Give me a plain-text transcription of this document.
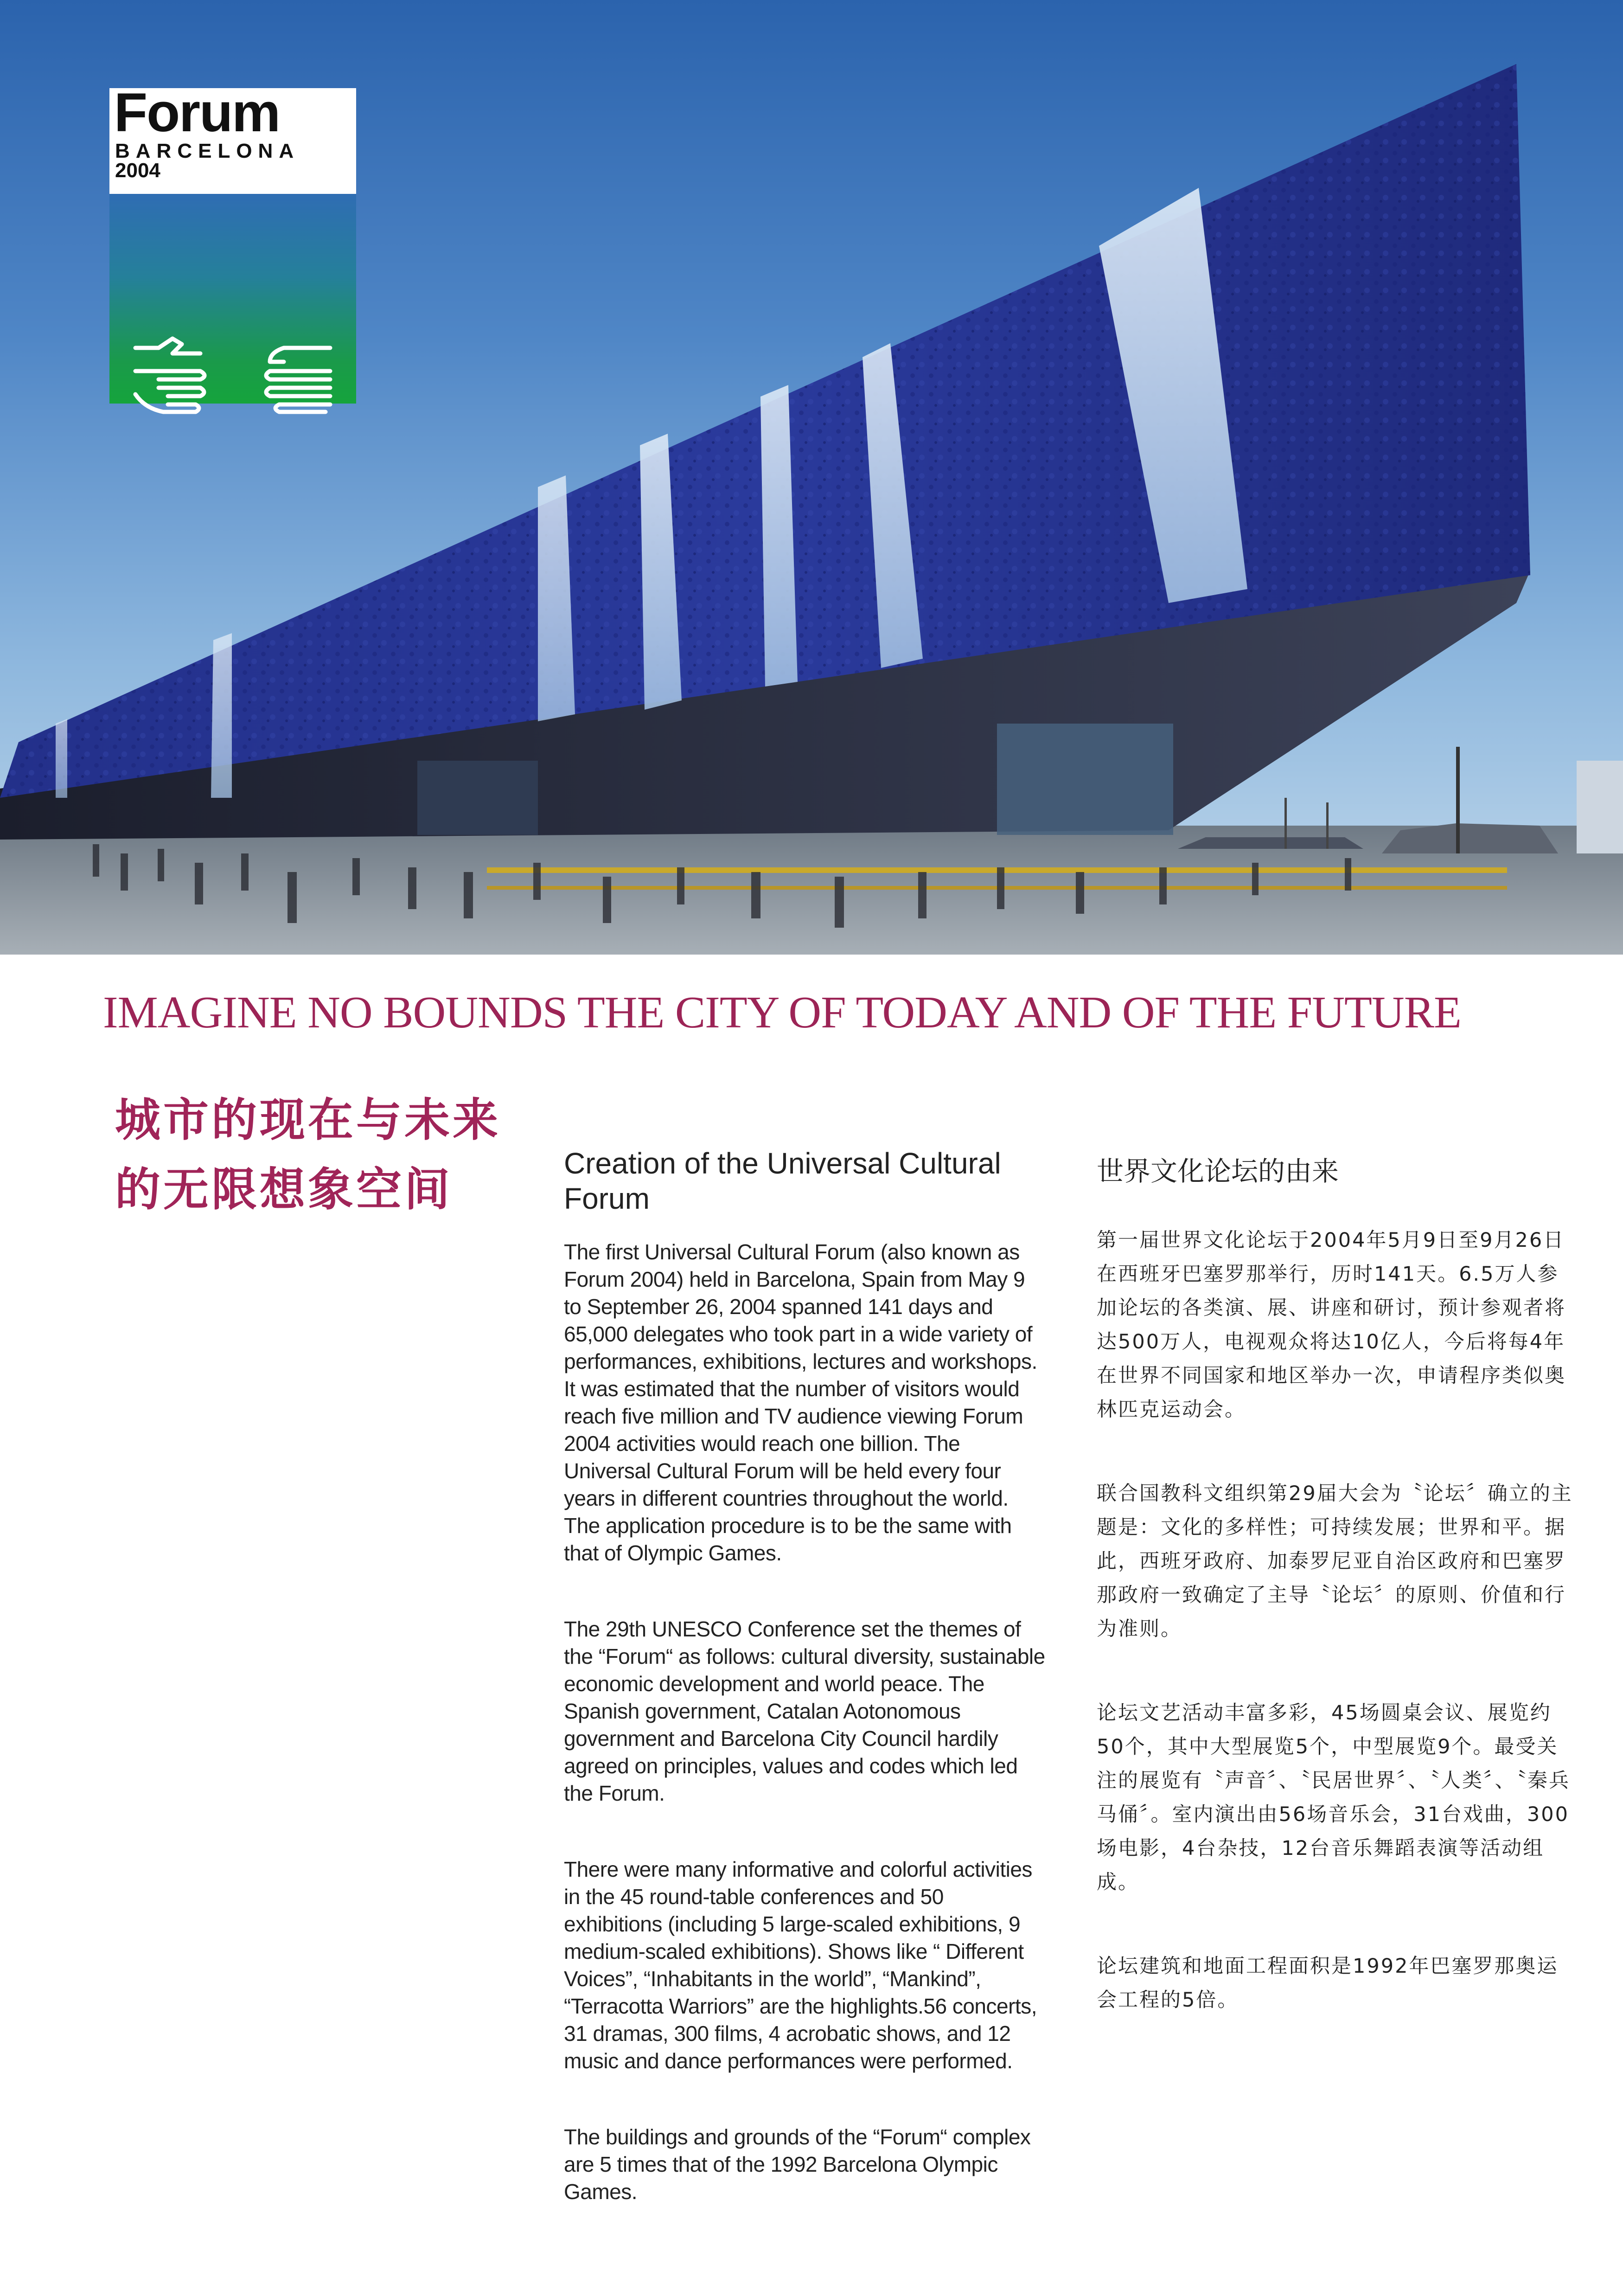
Forum
BARCELONA
2004
IMAGINE NO BOUNDS THE CITY OF TODAY AND OF THE FUTURE
城市的现在与未来
的无限想象空间	Creation of the Universal Cultural Forum

The first Universal Cultural Forum (also known as Forum 2004) held in Barcelona, Spain from May 9 to September 26, 2004 spanned 141 days and 65,000 delegates who took part in a wide variety of performances, exhibitions, lectures and workshops. It was estimated that the number of visitors would reach five million and TV audience viewing Forum 2004 activities would reach one billion. The Universal Cultural Forum will be held every four years in different countries throughout the world. The application procedure is to be the same with that of Olympic Games.

The 29th UNESCO Conference set the themes of the “Forum“ as follows: cultural diversity, sustainable economic development and world peace. The Spanish government, Catalan Aotonomous government and Barcelona City Council hardily agreed on principles, values and codes which led the Forum.

There were many informative and colorful activities in the 45 round-table conferences and 50 exhibitions (including 5 large-scaled exhibitions, 9 medium-scaled exhibitions). Shows like “ Different Voices”, “Inhabitants in the world”, “Mankind”, “Terracotta Warriors” are the highlights.56 concerts, 31 dramas, 300 films, 4 acrobatic shows, and 12 music and dance performances were performed.

The buildings and grounds of the “Forum“ complex are 5 times that of the 1992 Barcelona Olympic Games.

世界文化论坛的由来

第一届世界文化论坛于2004年5月9日至9月26日在西班牙巴塞罗那举行，历时141天。6.5万人参加论坛的各类演、展、讲座和研讨，预计参观者将达500万人，电视观众将达10亿人，今后将每4年在世界不同国家和地区举办一次，申请程序类似奥林匹克运动会。

联合国教科文组织第29届大会为〝论坛〞确立的主题是：文化的多样性；可持续发展；世界和平。据此，西班牙政府、加泰罗尼亚自治区政府和巴塞罗那政府一致确定了主导〝论坛〞的原则、价值和行为准则。

论坛文艺活动丰富多彩，45场圆桌会议、展览约50个，其中大型展览5个，中型展览9个。最受关注的展览有〝声音〞、〝民居世界〞、〝人类〞、〝秦兵马俑〞。室内演出由56场音乐会，31台戏曲，300场电影，4台杂技，12台音乐舞蹈表演等活动组成。

论坛建筑和地面工程面积是1992年巴塞罗那奥运会工程的5倍。
